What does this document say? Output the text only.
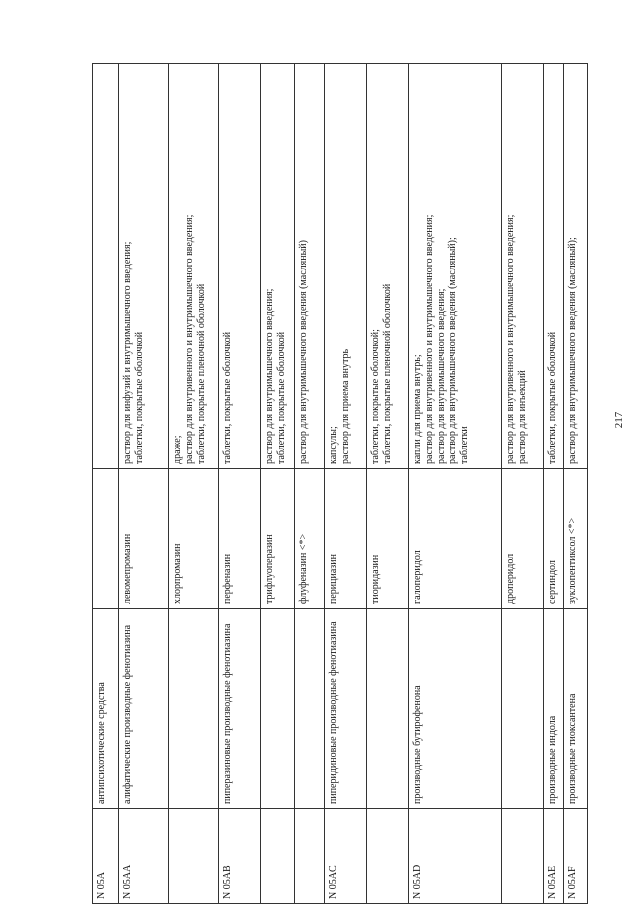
N 05A	антипсихотические средства		
N 05AA	алифатические производные фенотиазина	левомепромазин	раствор для инфузий и внутримышечного введения;
таблетки, покрытые оболочкой
		хлорпромазин	драже;
раствор для внутривенного и внутримышечного введения;
таблетки, покрытые пленочной оболочкой
N 05AB	пиперазиновые производные фенотиазина	перфеназин	таблетки, покрытые оболочкой
		трифлуоперазин	раствор для внутримышечного введения;
таблетки, покрытые оболочкой
		флуфеназин <*>	раствор для внутримышечного введения (масляный)
N 05AC	пиперидиновые производные фенотиазина	перициазин	капсулы;
раствор для приема внутрь
		тиоридазин	таблетки, покрытые оболочкой;
таблетки, покрытые пленочной оболочкой
N 05AD	производные бутирофенона	галоперидол	капли для приема внутрь;
раствор для внутривенного и внутримышечного введения;
раствор для внутримышечного введения;
раствор для внутримышечного введения (масляный);
таблетки
		дроперидол	раствор для внутривенного и внутримышечного введения;
раствор для инъекций
N 05AE	производные индола	сертиндол	таблетки, покрытые оболочкой
N 05AF	производные тиоксантена	зуклопентиксол <*>	раствор для внутримышечного введения (масляный);	217
